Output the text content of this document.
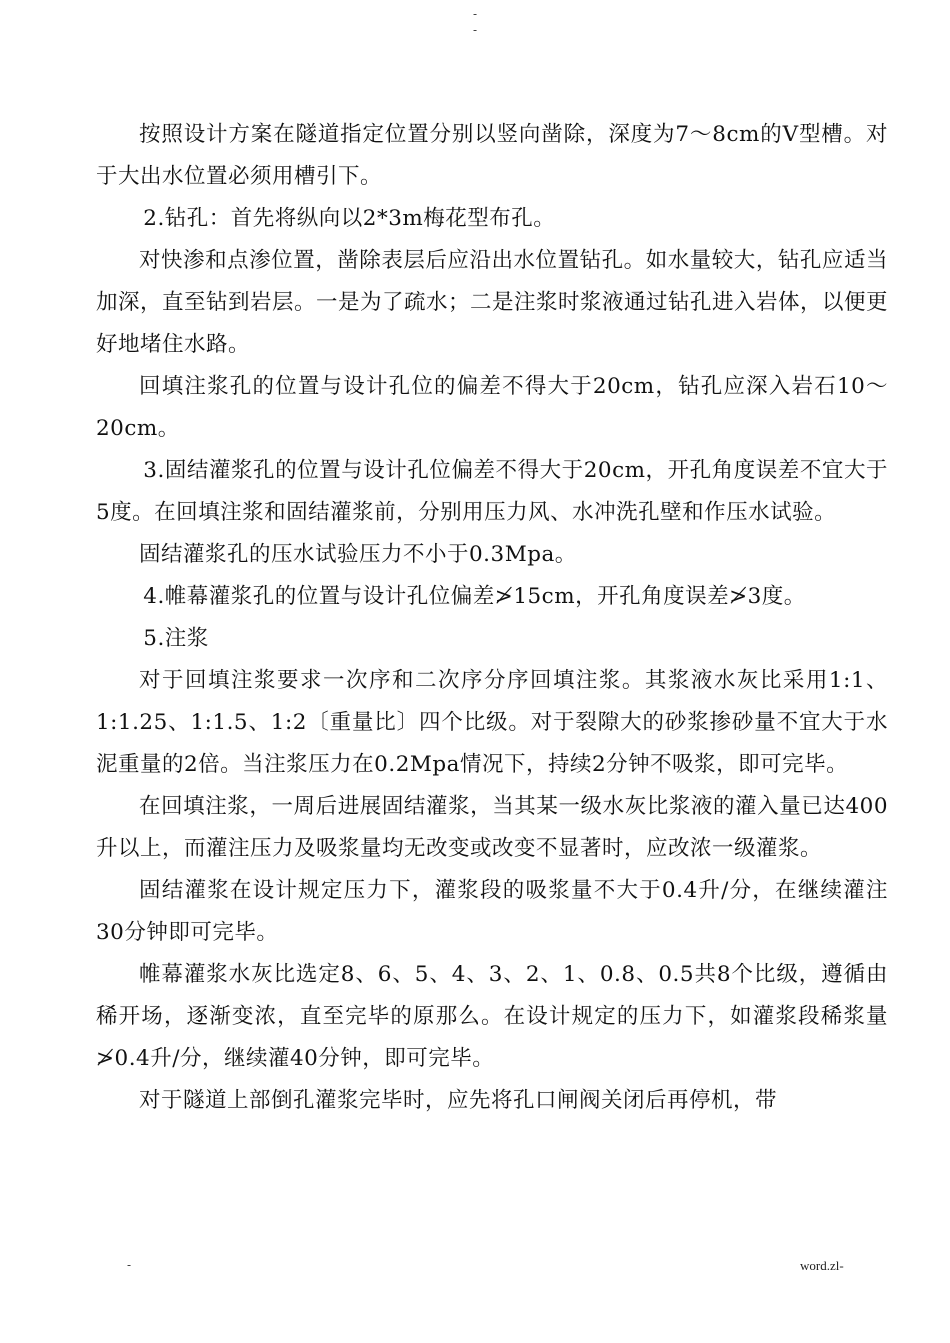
-
-

按照设计方案在隧道指定位置分别以竖向凿除，深度为7～8cm的V型槽。对于大出水位置必须用槽引下。

2.钻孔：首先将纵向以2*3m梅花型布孔。

对快渗和点渗位置，凿除表层后应沿出水位置钻孔。如水量较大，钻孔应适当加深，直至钻到岩层。一是为了疏水；二是注浆时浆液通过钻孔进入岩体，以便更好地堵住水路。

回填注浆孔的位置与设计孔位的偏差不得大于20cm，钻孔应深入岩石10～20cm。

3.固结灌浆孔的位置与设计孔位偏差不得大于20cm，开孔角度误差不宜大于5度。在回填注浆和固结灌浆前，分别用压力风、水冲洗孔壁和作压水试验。

固结灌浆孔的压水试验压力不小于0.3Mpa。

4.帷幕灌浆孔的位置与设计孔位偏差≯15cm，开孔角度误差≯3度。

5.注浆

对于回填注浆要求一次序和二次序分序回填注浆。其浆液水灰比采用1:1、1:1.25、1:1.5、1:2〔重量比〕四个比级。对于裂隙大的砂浆掺砂量不宜大于水泥重量的2倍。当注浆压力在0.2Mpa情况下，持续2分钟不吸浆，即可完毕。

在回填注浆，一周后进展固结灌浆，当其某一级水灰比浆液的灌入量已达400升以上，而灌注压力及吸浆量均无改变或改变不显著时，应改浓一级灌浆。

固结灌浆在设计规定压力下，灌浆段的吸浆量不大于0.4升/分，在继续灌注30分钟即可完毕。

帷幕灌浆水灰比选定8、6、5、4、3、2、1、0.8、0.5共8个比级，遵循由稀开场，逐渐变浓，直至完毕的原那么。在设计规定的压力下，如灌浆段稀浆量≯0.4升/分，继续灌40分钟，即可完毕。

对于隧道上部倒孔灌浆完毕时，应先将孔口闸阀关闭后再停机，带

-	word.zl-
